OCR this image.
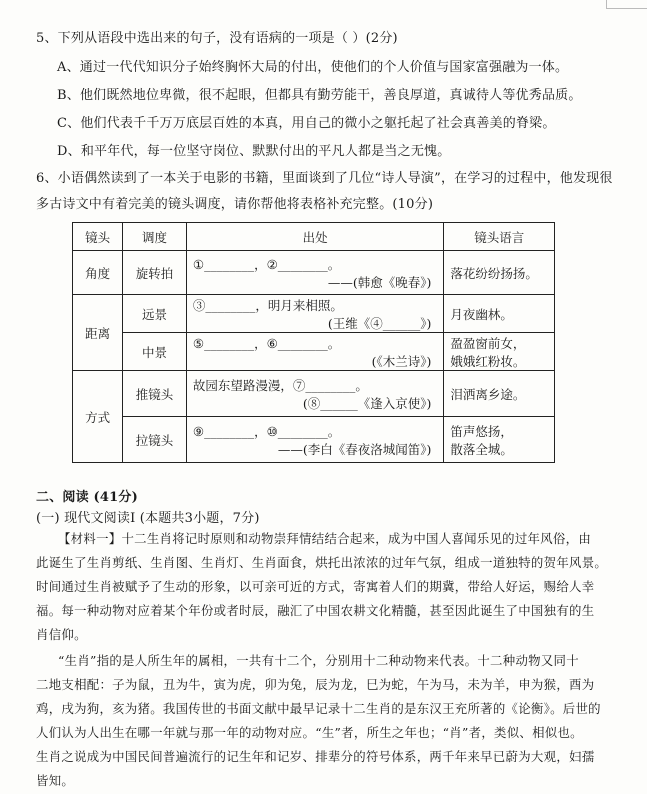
5、下列从语段中选出来的句子，没有语病的一项是（ ）(2分)
A、通过一代代知识分子始终胸怀大局的付出，使他们的个人价值与国家富强融为一体。
B、他们既然地位卑微，很不起眼，但都具有勤劳能干，善良厚道，真诚待人等优秀品质。
C、他们代表千千万万底层百姓的本真，用自己的微小之躯托起了社会真善美的脊梁。
D、和平年代，每一位坚守岗位、默默付出的平凡人都是当之无愧。
6、小语偶然读到了一本关于电影的书籍，里面谈到了几位“诗人导演”，在学习的过程中，他发现很
多古诗文中有着完美的镜头调度，请你帮他将表格补充完整。(10分)
镜头	调度	出处	镜头语言
角度	旋转拍	①________，②________。
——(韩愈《晚春》)	落花纷纷扬扬。

距离	远景	③________，明月来相照。
(王维《④______》)	月夜幽林。

	中景	⑤________，⑥________。
(《木兰诗》)	盈盈窗前女，
娥娥红粉妆。

方式	推镜头	故园东望路漫漫，⑦________。
(⑧______《逢入京使》)	泪洒离乡途。

	拉镜头	⑨________，⑩________。
——(李白《春夜洛城闻笛》)	笛声悠扬，
散落全城。
二、阅读 (41分)
(一) 现代文阅读Ⅰ (本题共3小题，7分)
【材料一】十二生肖将记时原则和动物崇拜情结结合起来，成为中国人喜闻乐见的过年风俗，由
此诞生了生肖剪纸、生肖图、生肖灯、生肖面食，烘托出浓浓的过年气氛，组成一道独特的贺年风景。
时间通过生肖被赋予了生动的形象，以可亲可近的方式，寄寓着人们的期冀，带给人好运，赐给人幸
福。每一种动物对应着某个年份或者时辰，融汇了中国农耕文化精髓，甚至因此诞生了中国独有的生
肖信仰。
“生肖”指的是人所生年的属相，一共有十二个，分别用十二种动物来代表。十二种动物又同十
二地支相配：子为鼠，丑为牛，寅为虎，卯为兔，辰为龙，巳为蛇，午为马，未为羊，申为猴，酉为
鸡，戌为狗，亥为猪。我国传世的书面文献中最早记录十二生肖的是东汉王充所著的《论衡》。后世的
人们认为人出生在哪一年就与那一年的动物对应。“生”者，所生之年也；“肖”者，类似、相似也。
生肖之说成为中国民间普遍流行的记生年和记岁、排辈分的符号体系，两千年来早已蔚为大观，妇孺
皆知。
